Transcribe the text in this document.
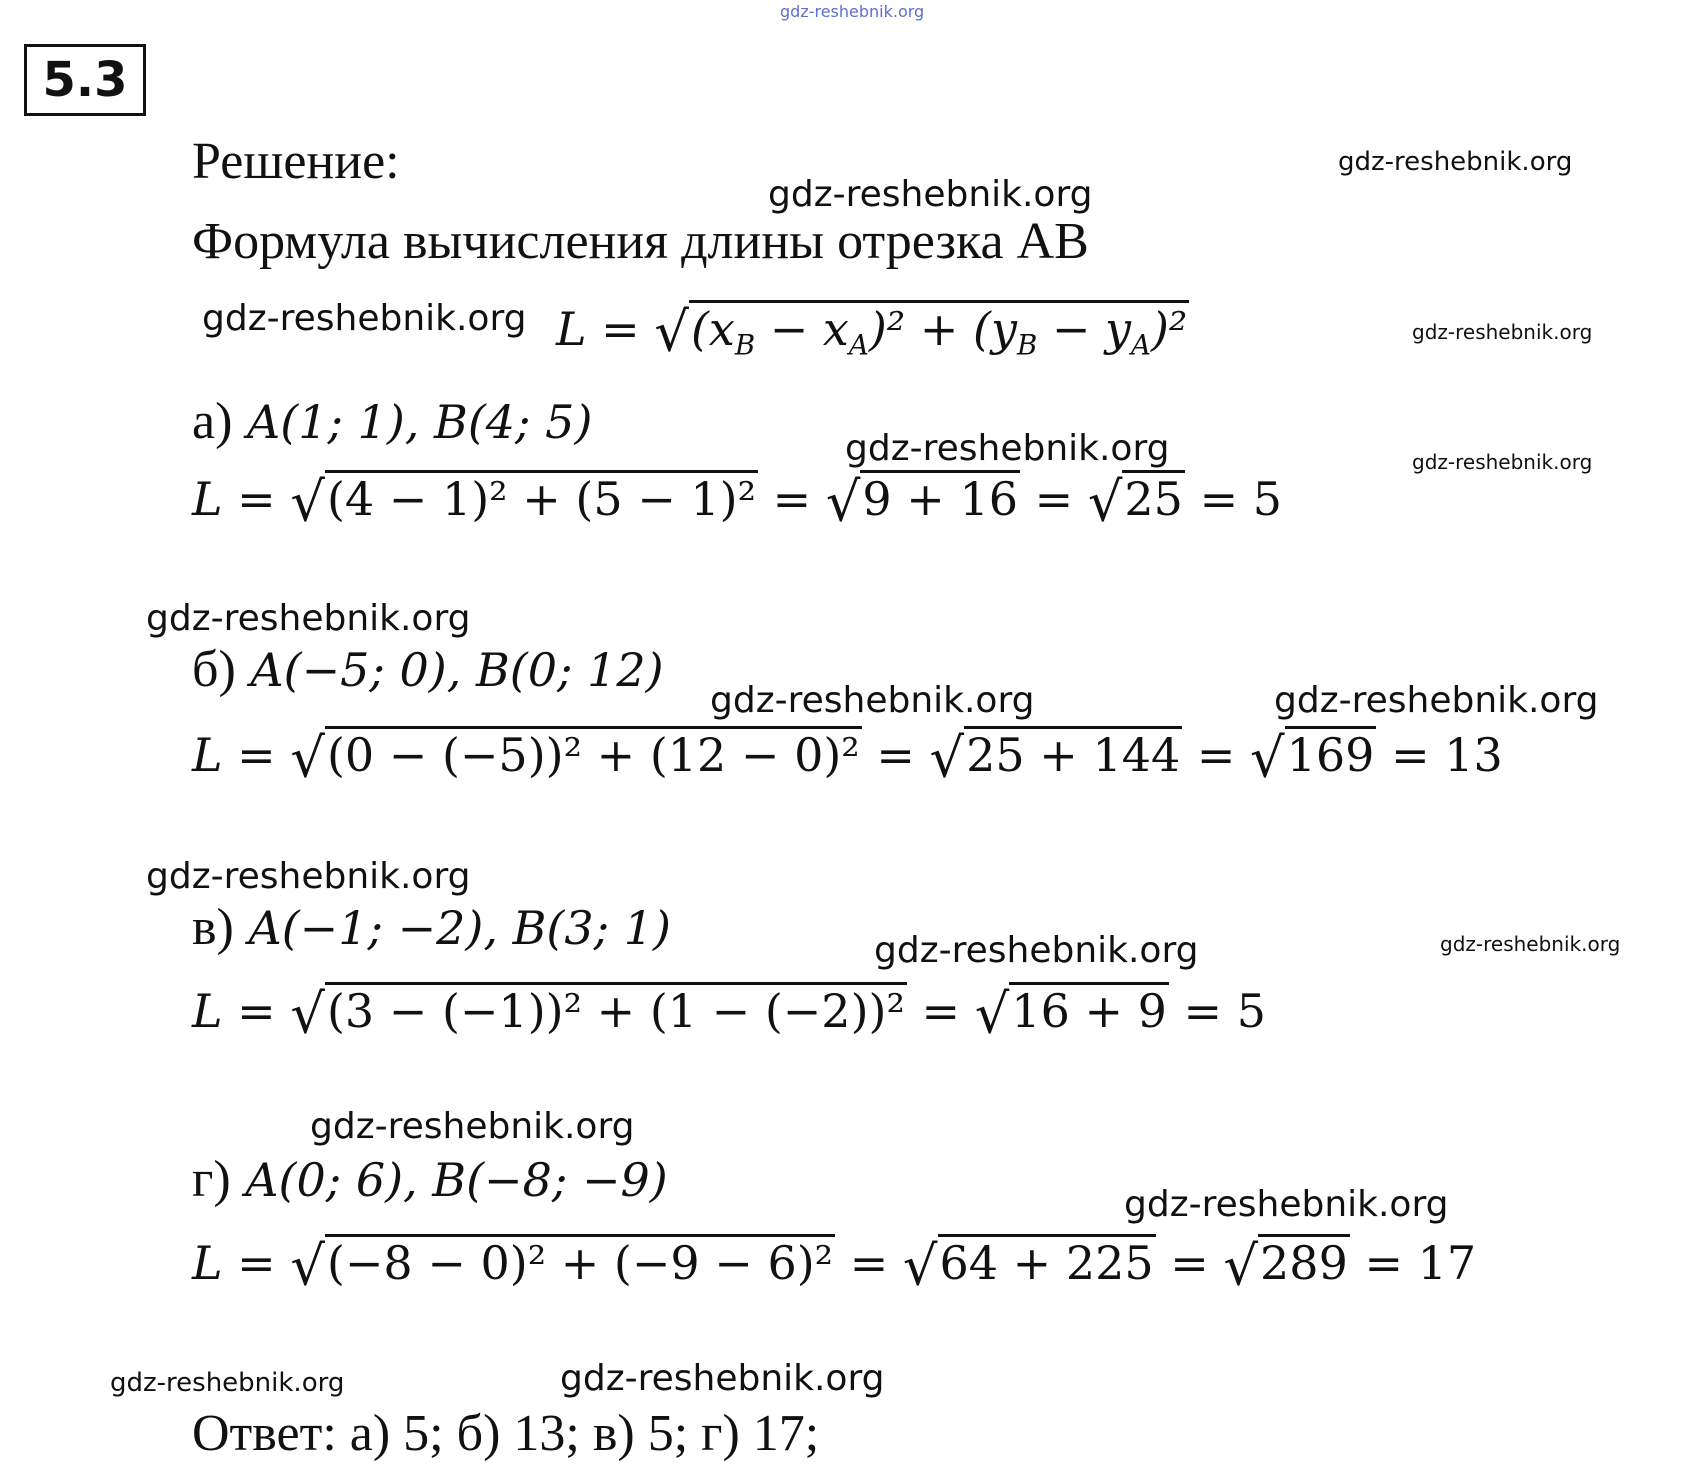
gdz-reshebnik.org
gdz-reshebnik.org
gdz-reshebnik.org
gdz-reshebnik.org	gdz-reshebnik.org
gdz-reshebnik.org	gdz-reshebnik.org
gdz-reshebnik.org
gdz-reshebnik.org	gdz-reshebnik.org
gdz-reshebnik.org
gdz-reshebnik.org
gdz-reshebnik.org
gdz-reshebnik.org
gdz-reshebnik.org
gdz-reshebnik.org	gdz-reshebnik.org
5.3
Решение:
Формула вычисления длины отрезка AB
$L = √(x_B - x_A)^2 + (y_B - y_A)^2$
а) A(1; 1), B(4; 5)
L = √(4 − 1)² + (5 − 1)² = √9 + 16 = √25 = 5
б) A(−5; 0), B(0; 12)
L = √(0 − (−5))² + (12 − 0)² = √25 + 144 = √169 = 13
в) A(−1; −2), B(3; 1)
L = √(3 − (−1))² + (1 − (−2))² = √16 + 9 = 5
г) A(0; 6), B(−8; −9)
L = √(−8 − 0)² + (−9 − 6)² = √64 + 225 = √289 = 17
Ответ: а) 5; б) 13; в) 5; г) 17;
